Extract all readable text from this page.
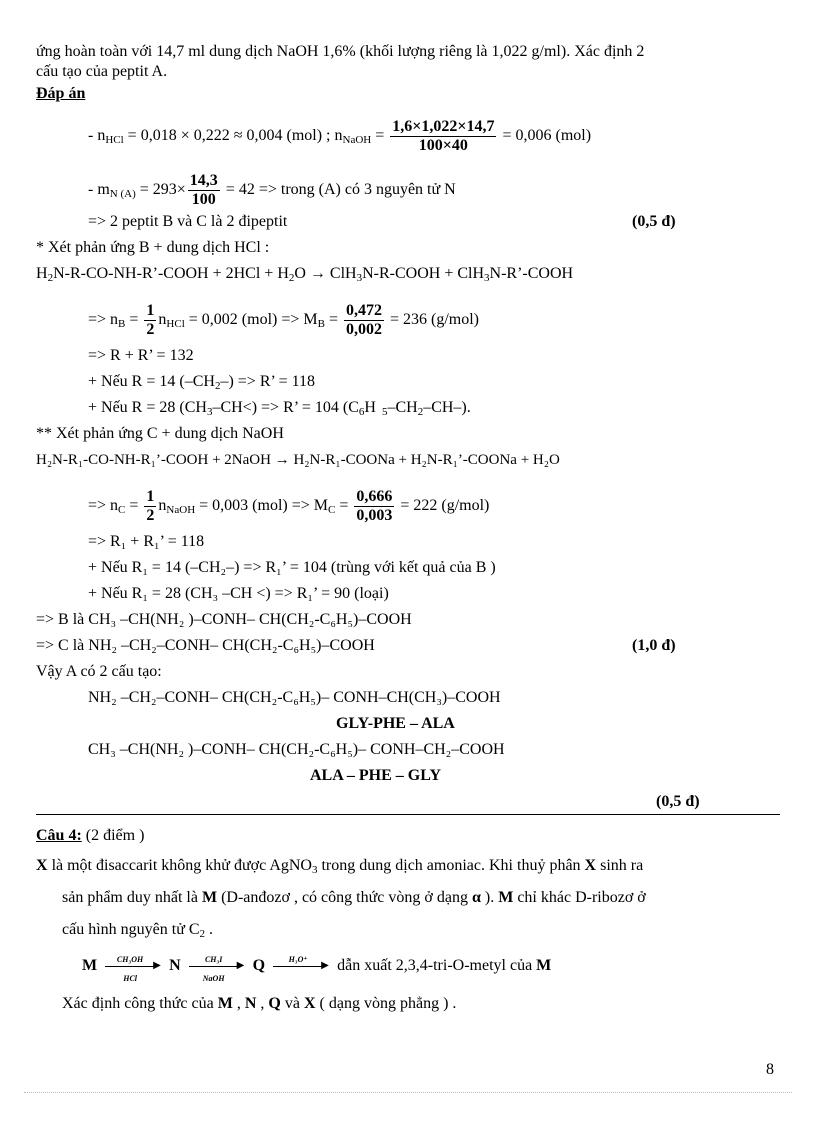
ứng hoàn toàn với 14,7 ml dung dịch NaOH 1,6% (khối lượng riêng là 1,022 g/ml). Xác định 2
cấu tạo của peptit A.
Đáp án
- $n_{HCl} = 0,018 \times 0,222 \approx 0,004$ (mol) ; $n_{NaOH} = \frac{1,6\times 1,022\times 14,7}{100\times 40} = 0,006$ (mol)
- $m_{N (A)} = 293\times \frac{14,3}{100} = 42$ => trong (A) có 3 nguyên tử N
=> 2 peptit B và C là 2 đipeptit	(0,5 đ)
* Xét phản ứng B + dung dịch HCl :
$H_2N-R-CO-NH-R$’-COOH + $2HCl + H_2O$ → ClH$_3$N-R-COOH + ClH$_3$N-R’-COOH
=> $n_B = \frac{1}{2} n_{HCl} = 0,002$ $(mol) => M_B = \frac{0,472}{0,002} = 236$ (g/mol)
=> R + R’ = 132
+ Nếu R = 14 $(-CH_2-) => R$’ = 118
+ Nếu R = 28 $(CH_3-CH<) => R$’ = 104 ($C_6H$ $_5-CH_2-CH-$).
** Xét phản ứng C + dung dịch NaOH
H₂N-R₁-CO-NH-R₁’-COOH + 2NaOH → H₂N-R₁-COONa + H₂N-R₁’-COONa + H₂O
=> $n_C = \frac{1}{2} n_{NaOH} = 0,003$ $(mol) => M_C = \frac{0,666}{0,003} = 222$ (g/mol)
=> R₁ + R₁’ = 118
+ Nếu R₁ = 14 (–CH₂–) => R₁’ = 104 (trùng với kết quả của B )
+ Nếu R₁ = 28 (CH₃ –CH <) => R₁’ = 90 (loại)
=> B là CH₃ –CH(NH₂ )–CONH– CH(CH₂-C₆H₅)–COOH
=> C là NH₂ –CH₂–CONH– CH(CH₂-C₆H₅)–COOH	(1,0 đ)
Vậy A có 2 cấu tạo:
NH₂ –CH₂–CONH– CH(CH₂-C₆H₅)– CONH–CH(CH₃)–COOH
GLY-PHE – ALA
CH₃ –CH(NH₂ )–CONH– CH(CH₂-C₆H₅)– CONH–CH₂–COOH
ALA – PHE – GLY
(0,5 đ)
Câu 4: (2 điểm )
X là một đisaccarit không khử được AgNO$_3$ trong dung dịch amoniac. Khi thuỷ phân X sinh ra
sản phẩm duy nhất là M (D-anđozơ , có công thức vòng ở dạng α ). M chỉ khác D-ribozơ ở
cấu hình nguyên tử $C_2$ .
M	CH₃OH
▶
HCl
N	CH₃I
▶
NaOH
Q	H₃O⁺
▶ dẫn xuất 2,3,4-tri-O-metyl của M
Xác định công thức của M , N , Q và X ( dạng vòng phẳng ) .
8
